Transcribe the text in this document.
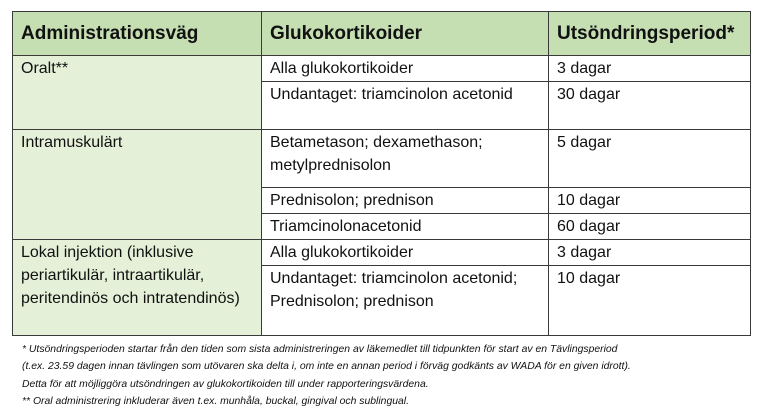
Administrationsväg	Glukokortikoider	Utsöndringsperiod*
Oralt**	Alla glukokortikoider	3 dagar
	Undantaget: triamcinolon acetonid	30 dagar
Intramuskulärt	Betametason; dexamethason; metylprednisolon	5 dagar
	Prednisolon; prednison	10 dagar
	Triamcinolonacetonid	60 dagar
Lokal injektion (inklusive periartikulär, intraartikulär, peritendinös och intratendinös)	Alla glukokortikoider	3 dagar
	Undantaget: triamcinolon acetonid; Prednisolon; prednison	10 dagar
* Utsöndringsperioden startar från den tiden som sista administreringen av läkemedlet till tidpunkten för start av en Tävlingsperiod
(t.ex. 23.59 dagen innan tävlingen som utövaren ska delta i, om inte en annan period i förväg godkänts av WADA för en given idrott).
Detta för att möjliggöra utsöndringen av glukokortikoiden till under rapporteringsvärdena.
** Oral administrering inkluderar även t.ex. munhåla, buckal, gingival och sublingual.
